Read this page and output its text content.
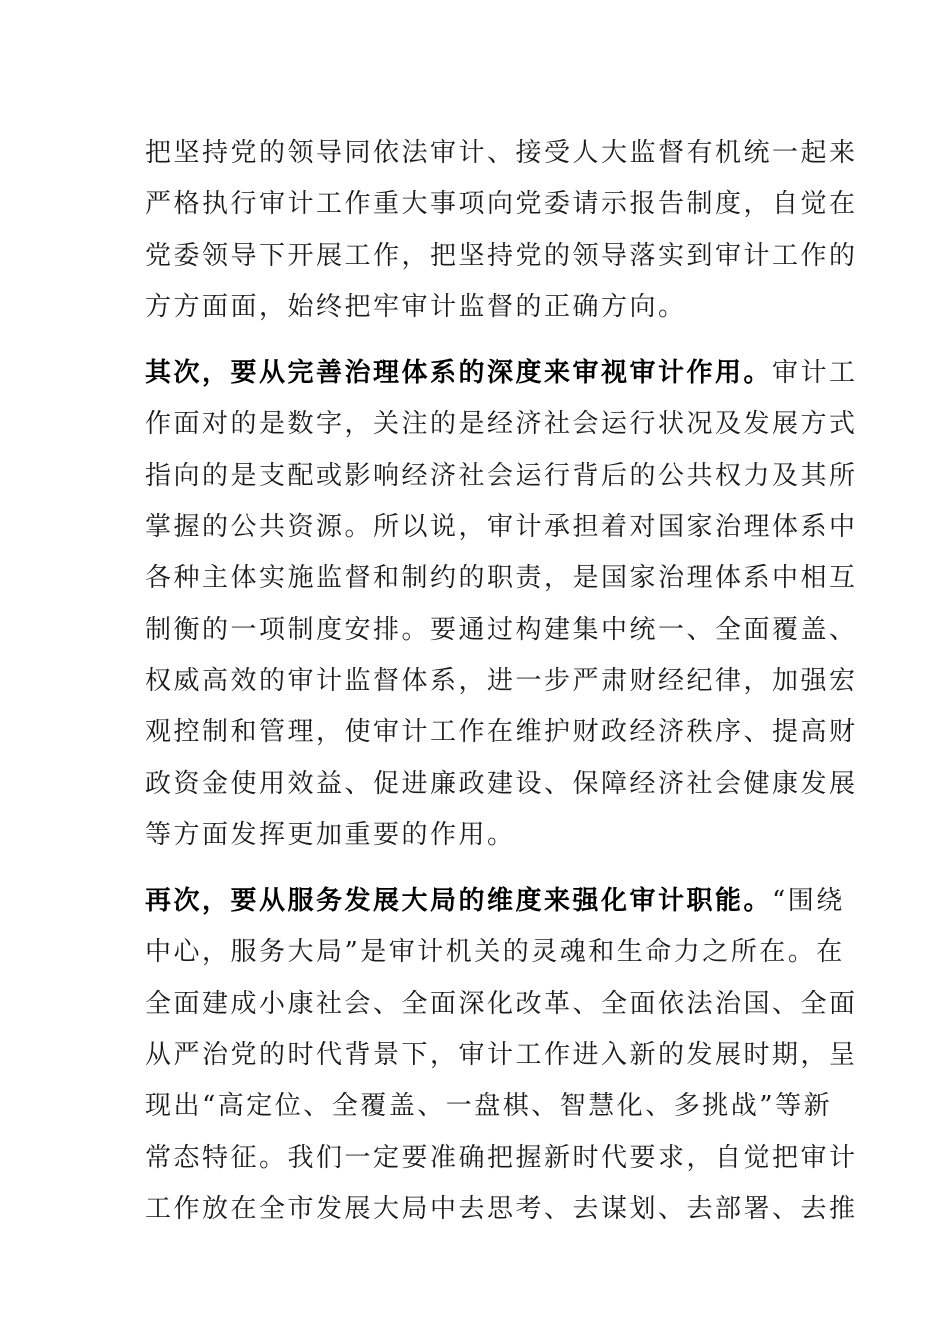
把坚持党的领导同依法审计、接受人大监督有机统一起来
严格执行审计工作重大事项向党委请示报告制度，自觉在
党委领导下开展工作，把坚持党的领导落实到审计工作的
方方面面，始终把牢审计监督的正确方向。
其次，要从完善治理体系的深度来审视审计作用。审计工
作面对的是数字，关注的是经济社会运行状况及发展方式
指向的是支配或影响经济社会运行背后的公共权力及其所
掌握的公共资源。所以说，审计承担着对国家治理体系中
各种主体实施监督和制约的职责，是国家治理体系中相互
制衡的一项制度安排。要通过构建集中统一、全面覆盖、
权威高效的审计监督体系，进一步严肃财经纪律，加强宏
观控制和管理，使审计工作在维护财政经济秩序、提高财
政资金使用效益、促进廉政建设、保障经济社会健康发展
等方面发挥更加重要的作用。
再次，要从服务发展大局的维度来强化审计职能。“围绕
中心，服务大局”是审计机关的灵魂和生命力之所在。在
全面建成小康社会、全面深化改革、全面依法治国、全面
从严治党的时代背景下，审计工作进入新的发展时期，呈
现出“高定位、全覆盖、一盘棋、智慧化、多挑战”等新
常态特征。我们一定要准确把握新时代要求，自觉把审计
工作放在全市发展大局中去思考、去谋划、去部署、去推
